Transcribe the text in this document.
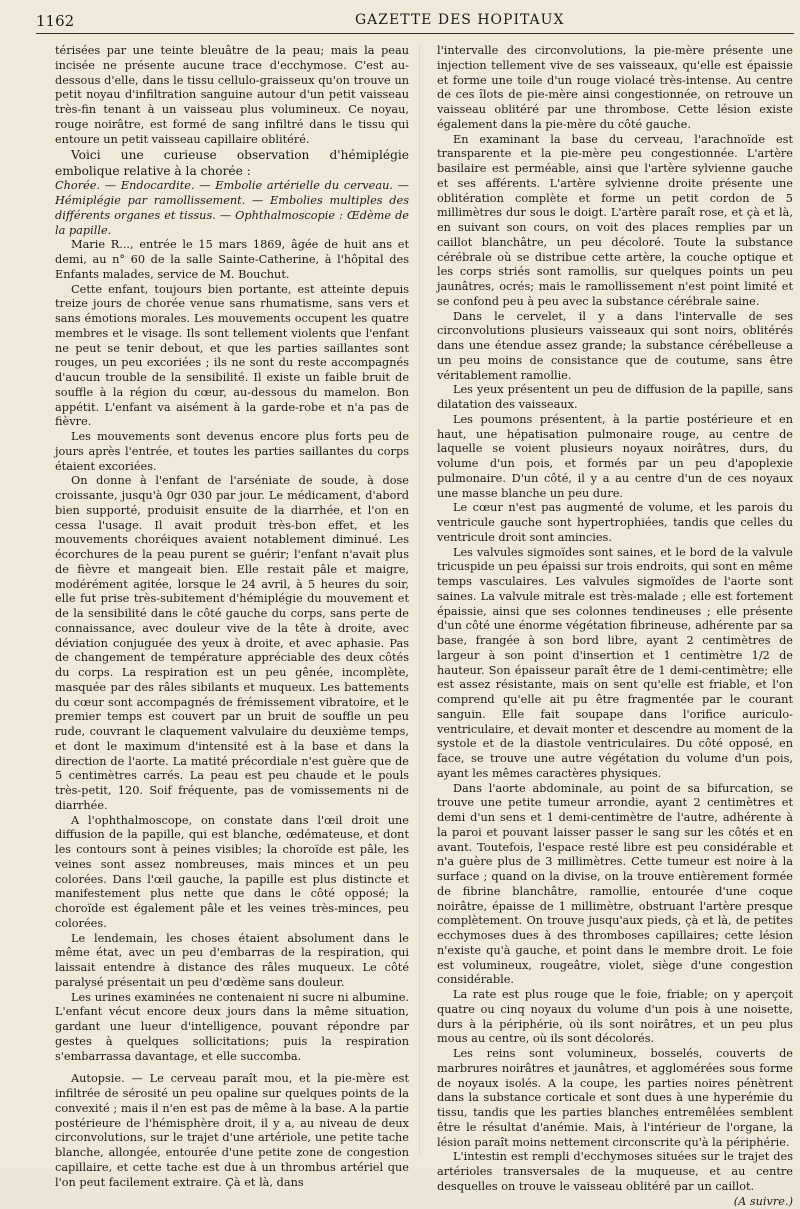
1162	GAZETTE DES HOPITAUX

térisées par une teinte bleuâtre de la peau; mais la peau incisée ne présente aucune trace d'ecchymose. C'est au-dessous d'elle, dans le tissu cellulo-graisseux qu'on trouve un petit noyau d'infiltration sanguine autour d'un petit vaisseau très-fin tenant à un vaisseau plus volumineux. Ce noyau, rouge noirâtre, est formé de sang infiltré dans le tissu qui entoure un petit vaisseau capillaire oblitéré.

Voici une curieuse observation d'hémiplégie embolique relative à la chorée :

Chorée. — Endocardite. — Embolie artérielle du cerveau. — Hémiplégie par ramollissement. — Embolies multiples des différents organes et tissus. — Ophthalmoscopie : Œdème de la papille.

Marie R..., entrée le 15 mars 1869, âgée de huit ans et demi, au n° 60 de la salle Sainte-Catherine, à l'hôpital des Enfants malades, service de M. Bouchut.

Cette enfant, toujours bien portante, est atteinte depuis treize jours de chorée venue sans rhumatisme, sans vers et sans émotions morales. Les mouvements occupent les quatre membres et le visage. Ils sont tellement violents que l'enfant ne peut se tenir debout, et que les parties saillantes sont rouges, un peu excoriées ; ils ne sont du reste accompagnés d'aucun trouble de la sensibilité. Il existe un faible bruit de souffle à la région du cœur, au-dessous du mamelon. Bon appétit. L'enfant va aisément à la garde-robe et n'a pas de fièvre.

Les mouvements sont devenus encore plus forts peu de jours après l'entrée, et toutes les parties saillantes du corps étaient excoriées.

On donne à l'enfant de l'arséniate de soude, à dose croissante, jusqu'à 0gr 030 par jour. Le médicament, d'abord bien supporté, produisit ensuite de la diarrhée, et l'on en cessa l'usage. Il avait produit très-bon effet, et les mouvements choréiques avaient notablement diminué. Les écorchures de la peau purent se guérir; l'enfant n'avait plus de fièvre et mangeait bien. Elle restait pâle et maigre, modérément agitée, lorsque le 24 avril, à 5 heures du soir, elle fut prise très-subitement d'hémiplégie du mouvement et de la sensibilité dans le côté gauche du corps, sans perte de connaissance, avec douleur vive de la tête à droite, avec déviation conjuguée des yeux à droite, et avec aphasie. Pas de changement de température appréciable des deux côtés du corps. La respiration est un peu gênée, incomplète, masquée par des râles sibilants et muqueux. Les battements du cœur sont accompagnés de frémissement vibratoire, et le premier temps est couvert par un bruit de souffle un peu rude, couvrant le claquement valvulaire du deuxième temps, et dont le maximum d'intensité est à la base et dans la direction de l'aorte. La matité précordiale n'est guère que de 5 centimètres carrés. La peau est peu chaude et le pouls très-petit, 120. Soif fréquente, pas de vomissements ni de diarrhée.

A l'ophthalmoscope, on constate dans l'œil droit une diffusion de la papille, qui est blanche, œdémateuse, et dont les contours sont à peines visibles; la choroïde est pâle, les veines sont assez nombreuses, mais minces et un peu colorées. Dans l'œil gauche, la papille est plus distincte et manifestement plus nette que dans le côté opposé; la choroïde est également pâle et les veines très-minces, peu colorées.

Le lendemain, les choses étaient absolument dans le même état, avec un peu d'embarras de la respiration, qui laissait entendre à distance des râles muqueux. Le côté paralysé présentait un peu d'œdème sans douleur.

Les urines examinées ne contenaient ni sucre ni albumine. L'enfant vécut encore deux jours dans la même situation, gardant une lueur d'intelligence, pouvant répondre par gestes à quelques sollicitations; puis la respiration s'embarrassa davantage, et elle succomba.

Autopsie. — Le cerveau paraît mou, et la pie-mère est infiltrée de sérosité un peu opaline sur quelques points de la convexité ; mais il n'en est pas de même à la base. A la partie postérieure de l'hémisphère droit, il y a, au niveau de deux circonvolutions, sur le trajet d'une artériole, une petite tache blanche, allongée, entourée d'une petite zone de congestion capillaire, et cette tache est due à un thrombus artériel que l'on peut facilement extraire. Çà et là, dans

l'intervalle des circonvolutions, la pie-mère présente une injection tellement vive de ses vaisseaux, qu'elle est épaissie et forme une toile d'un rouge violacé très-intense. Au centre de ces îlots de pie-mère ainsi congestionnée, on retrouve un vaisseau oblitéré par une thrombose. Cette lésion existe également dans la pie-mère du côté gauche.

En examinant la base du cerveau, l'arachnoïde est transparente et la pie-mère peu congestionnée. L'artère basilaire est perméable, ainsi que l'artère sylvienne gauche et ses afférents. L'artère sylvienne droite présente une oblitération complète et forme un petit cordon de 5 millimètres dur sous le doigt. L'artère paraît rose, et çà et là, en suivant son cours, on voit des places remplies par un caillot blanchâtre, un peu décoloré. Toute la substance cérébrale où se distribue cette artère, la couche optique et les corps striés sont ramollis, sur quelques points un peu jaunâtres, ocrés; mais le ramollissement n'est point limité et se confond peu à peu avec la substance cérébrale saine.

Dans le cervelet, il y a dans l'intervalle de ses circonvolutions plusieurs vaisseaux qui sont noirs, oblitérés dans une étendue assez grande; la substance cérébelleuse a un peu moins de consistance que de coutume, sans être véritablement ramollie.

Les yeux présentent un peu de diffusion de la papille, sans dilatation des vaisseaux.

Les poumons présentent, à la partie postérieure et en haut, une hépatisation pulmonaire rouge, au centre de laquelle se voient plusieurs noyaux noirâtres, durs, du volume d'un pois, et formés par un peu d'apoplexie pulmonaire. D'un côté, il y a au centre d'un de ces noyaux une masse blanche un peu dure.

Le cœur n'est pas augmenté de volume, et les parois du ventricule gauche sont hypertrophiées, tandis que celles du ventricule droit sont amincies.

Les valvules sigmoïdes sont saines, et le bord de la valvule tricuspide un peu épaissi sur trois endroits, qui sont en même temps vasculaires. Les valvules sigmoïdes de l'aorte sont saines. La valvule mitrale est très-malade ; elle est fortement épaissie, ainsi que ses colonnes tendineuses ; elle présente d'un côté une énorme végétation fibrineuse, adhérente par sa base, frangée à son bord libre, ayant 2 centimètres de largeur à son point d'insertion et 1 centimètre 1/2 de hauteur. Son épaisseur paraît être de 1 demi-centimètre; elle est assez résistante, mais on sent qu'elle est friable, et l'on comprend qu'elle ait pu être fragmentée par le courant sanguin. Elle fait soupape dans l'orifice auriculo-ventriculaire, et devait monter et descendre au moment de la systole et de la diastole ventriculaires. Du côté opposé, en face, se trouve une autre végétation du volume d'un pois, ayant les mêmes caractères physiques.

Dans l'aorte abdominale, au point de sa bifurcation, se trouve une petite tumeur arrondie, ayant 2 centimètres et demi d'un sens et 1 demi-centimètre de l'autre, adhérente à la paroi et pouvant laisser passer le sang sur les côtés et en avant. Toutefois, l'espace resté libre est peu considérable et n'a guère plus de 3 millimètres. Cette tumeur est noire à la surface ; quand on la divise, on la trouve entièrement formée de fibrine blanchâtre, ramollie, entourée d'une coque noirâtre, épaisse de 1 millimètre, obstruant l'artère presque complètement. On trouve jusqu'aux pieds, çà et là, de petites ecchymoses dues à des thromboses capillaires; cette lésion n'existe qu'à gauche, et point dans le membre droit. Le foie est volumineux, rougeâtre, violet, siège d'une congestion considérable.

La rate est plus rouge que le foie, friable; on y aperçoit quatre ou cinq noyaux du volume d'un pois à une noisette, durs à la périphérie, où ils sont noirâtres, et un peu plus mous au centre, où ils sont décolorés.

Les reins sont volumineux, bosselés, couverts de marbrures noirâtres et jaunâtres, et agglomérées sous forme de noyaux isolés. A la coupe, les parties noires pénètrent dans la substance corticale et sont dues à une hyperémie du tissu, tandis que les parties blanches entremêlées semblent être le résultat d'anémie. Mais, à l'intérieur de l'organe, la lésion paraît moins nettement circonscrite qu'à la périphérie.

L'intestin est rempli d'ecchymoses situées sur le trajet des artérioles transversales de la muqueuse, et au centre desquelles on trouve le vaisseau oblitéré par un caillot.

(A suivre.)
